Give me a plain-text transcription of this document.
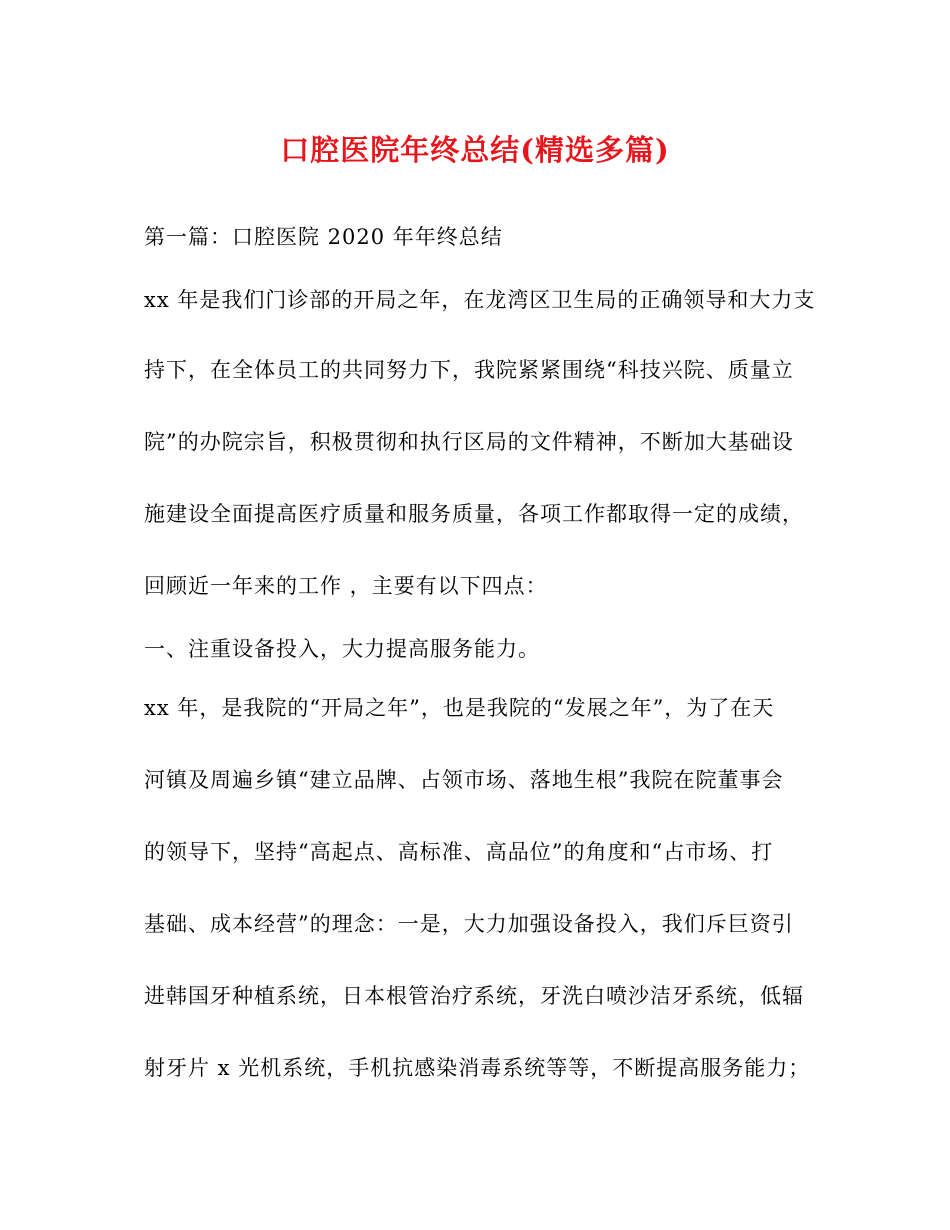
口腔医院年终总结(精选多篇)
第一篇：口腔医院 2020 年年终总结
xx 年是我们门诊部的开局之年，在龙湾区卫生局的正确领导和大力支
持下，在全体员工的共同努力下，我院紧紧围绕“科技兴院、质量立
院”的办院宗旨，积极贯彻和执行区局的文件精神，不断加大基础设
施建设全面提高医疗质量和服务质量，各项工作都取得一定的成绩，
回顾近一年来的工作 ，主要有以下四点：
一、注重设备投入，大力提高服务能力。
xx 年，是我院的“开局之年”，也是我院的“发展之年”，为了在天
河镇及周遍乡镇“建立品牌、占领市场、落地生根”我院在院董事会
的领导下，坚持“高起点、高标准、高品位”的角度和“占市场、打
基础、成本经营”的理念：一是，大力加强设备投入，我们斥巨资引
进韩国牙种植系统，日本根管治疗系统，牙洗白喷沙洁牙系统，低辐
射牙片 x 光机系统，手机抗感染消毒系统等等，不断提高服务能力；
